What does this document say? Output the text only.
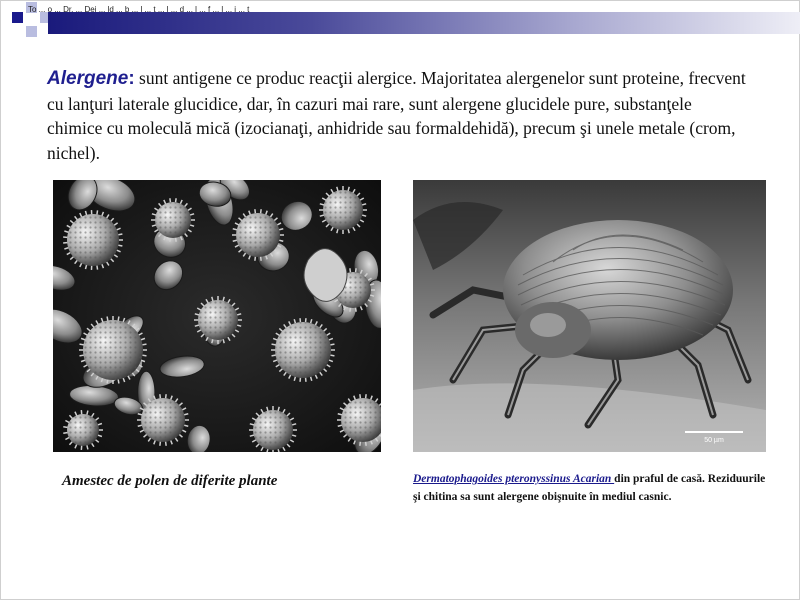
To ... o ... Dr. ... Dei ... ld ... b ... l ... t ... l ... d ... l ... f ... l ... i ... t
Alergene: sunt antigene ce produc reacţii alergice. Majoritatea alergenelor sunt proteine, frecvent cu lanţuri laterale glucidice, dar, în cazuri mai rare, sunt alergene glucidele pure, substanţele chimice cu moleculă mică (izocianaţi, anhidride sau formaldehidă), precum şi unele metale (crom, nichel).
50 µm
Amestec de polen de diferite plante	Dermatophagoides pteronyssinus Acarian din praful de casă. Reziduurile şi chitina sa sunt alergene obişnuite în mediul casnic.
